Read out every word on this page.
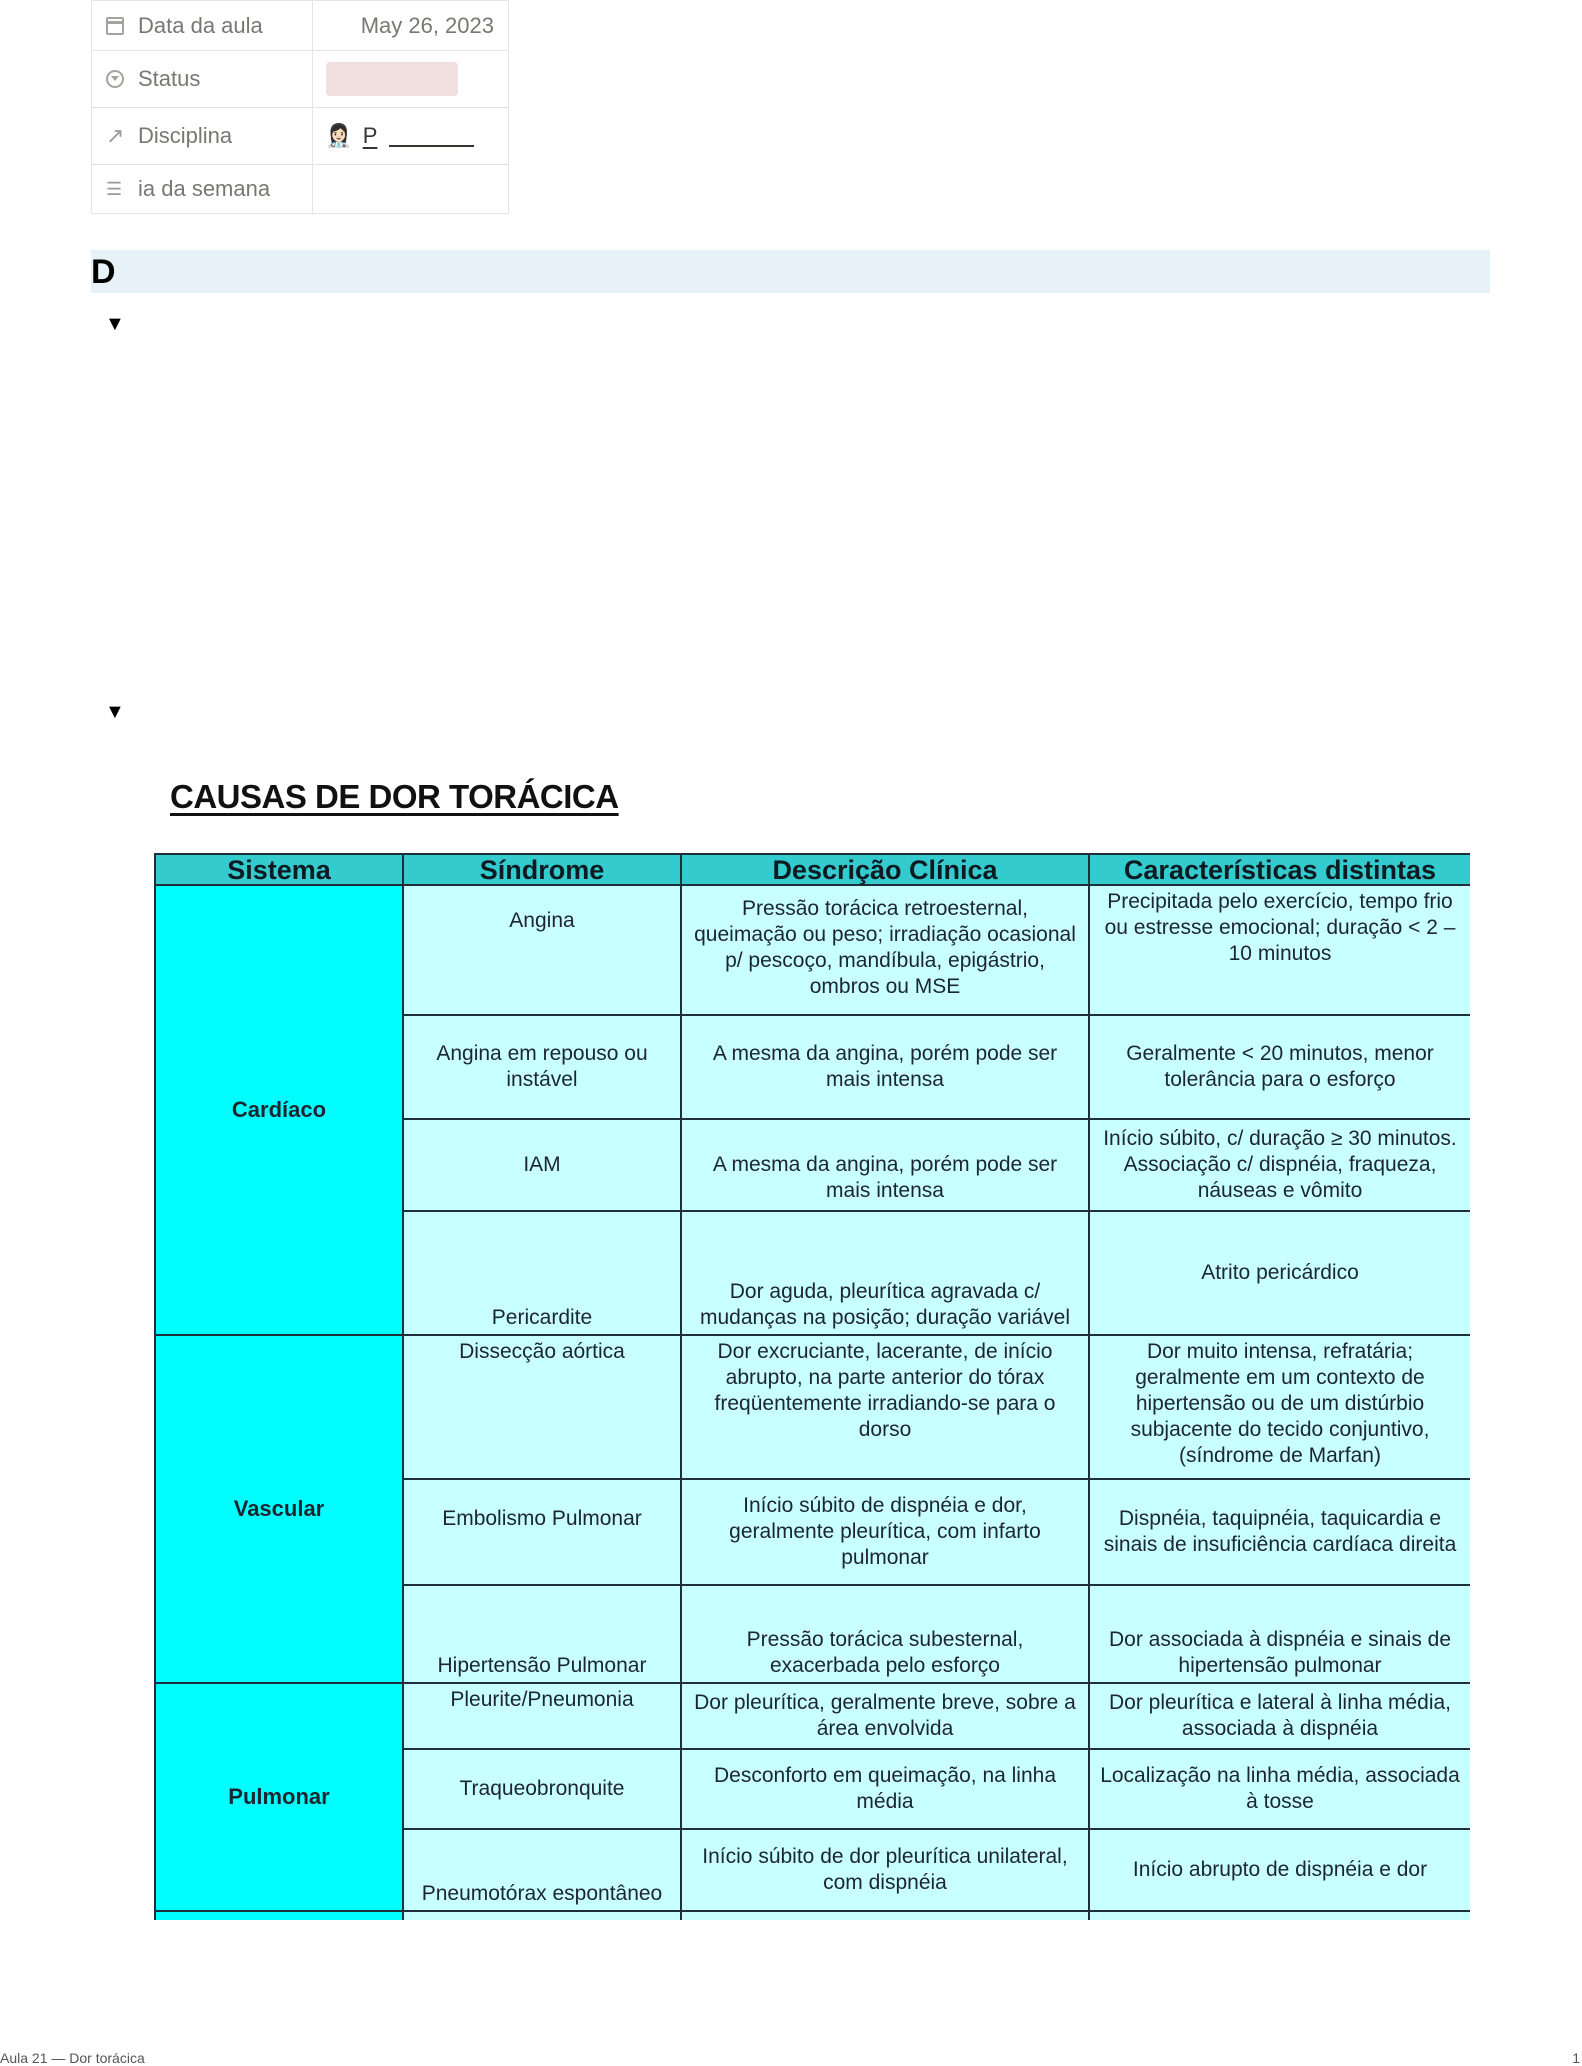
Data da aula	May 26, 2023

Status	

↗ Disciplina	👩🏻‍⚕️ P

☰ ia da semana	

D
▼
▼
CAUSAS DE DOR TORÁCICA
Sistema	Síndrome	Descrição Clínica	Características distintas
Cardíaco	Angina	Pressão torácica retroesternal, queimação ou peso; irradiação ocasional p/ pescoço, mandíbula, epigástrio, ombros ou MSE	Precipitada pelo exercício, tempo frio ou estresse emocional; duração < 2 – 10 minutos
	Angina em repouso ou instável	A mesma da angina, porém pode ser mais intensa	Geralmente < 20 minutos, menor tolerância para o esforço
	IAM	A mesma da angina, porém pode ser mais intensa	Início súbito, c/ duração ≥ 30 minutos. Associação c/ dispnéia, fraqueza, náuseas e vômito
	Pericardite	Dor aguda, pleurítica agravada c/ mudanças na posição; duração variável	Atrito pericárdico
Vascular	Dissecção aórtica	Dor excruciante, lacerante, de início abrupto, na parte anterior do tórax freqüentemente irradiando-se para o dorso	Dor muito intensa, refratária; geralmente em um contexto de hipertensão ou de um distúrbio subjacente do tecido conjuntivo, (síndrome de Marfan)
	Embolismo Pulmonar	Início súbito de dispnéia e dor, geralmente pleurítica, com infarto pulmonar	Dispnéia, taquipnéia, taquicardia e sinais de insuficiência cardíaca direita
	Hipertensão Pulmonar	Pressão torácica subesternal, exacerbada pelo esforço	Dor associada à dispnéia e sinais de hipertensão pulmonar
Pulmonar	Pleurite/Pneumonia	Dor pleurítica, geralmente breve, sobre a área envolvida	Dor pleurítica e lateral à linha média, associada à dispnéia
	Traqueobronquite	Desconforto em queimação, na linha média	Localização na linha média, associada à tosse
	Pneumotórax espontâneo	Início súbito de dor pleurítica unilateral, com dispnéia	Início abrupto de dispnéia e dor

Aula 21 — Dor torácica	1
